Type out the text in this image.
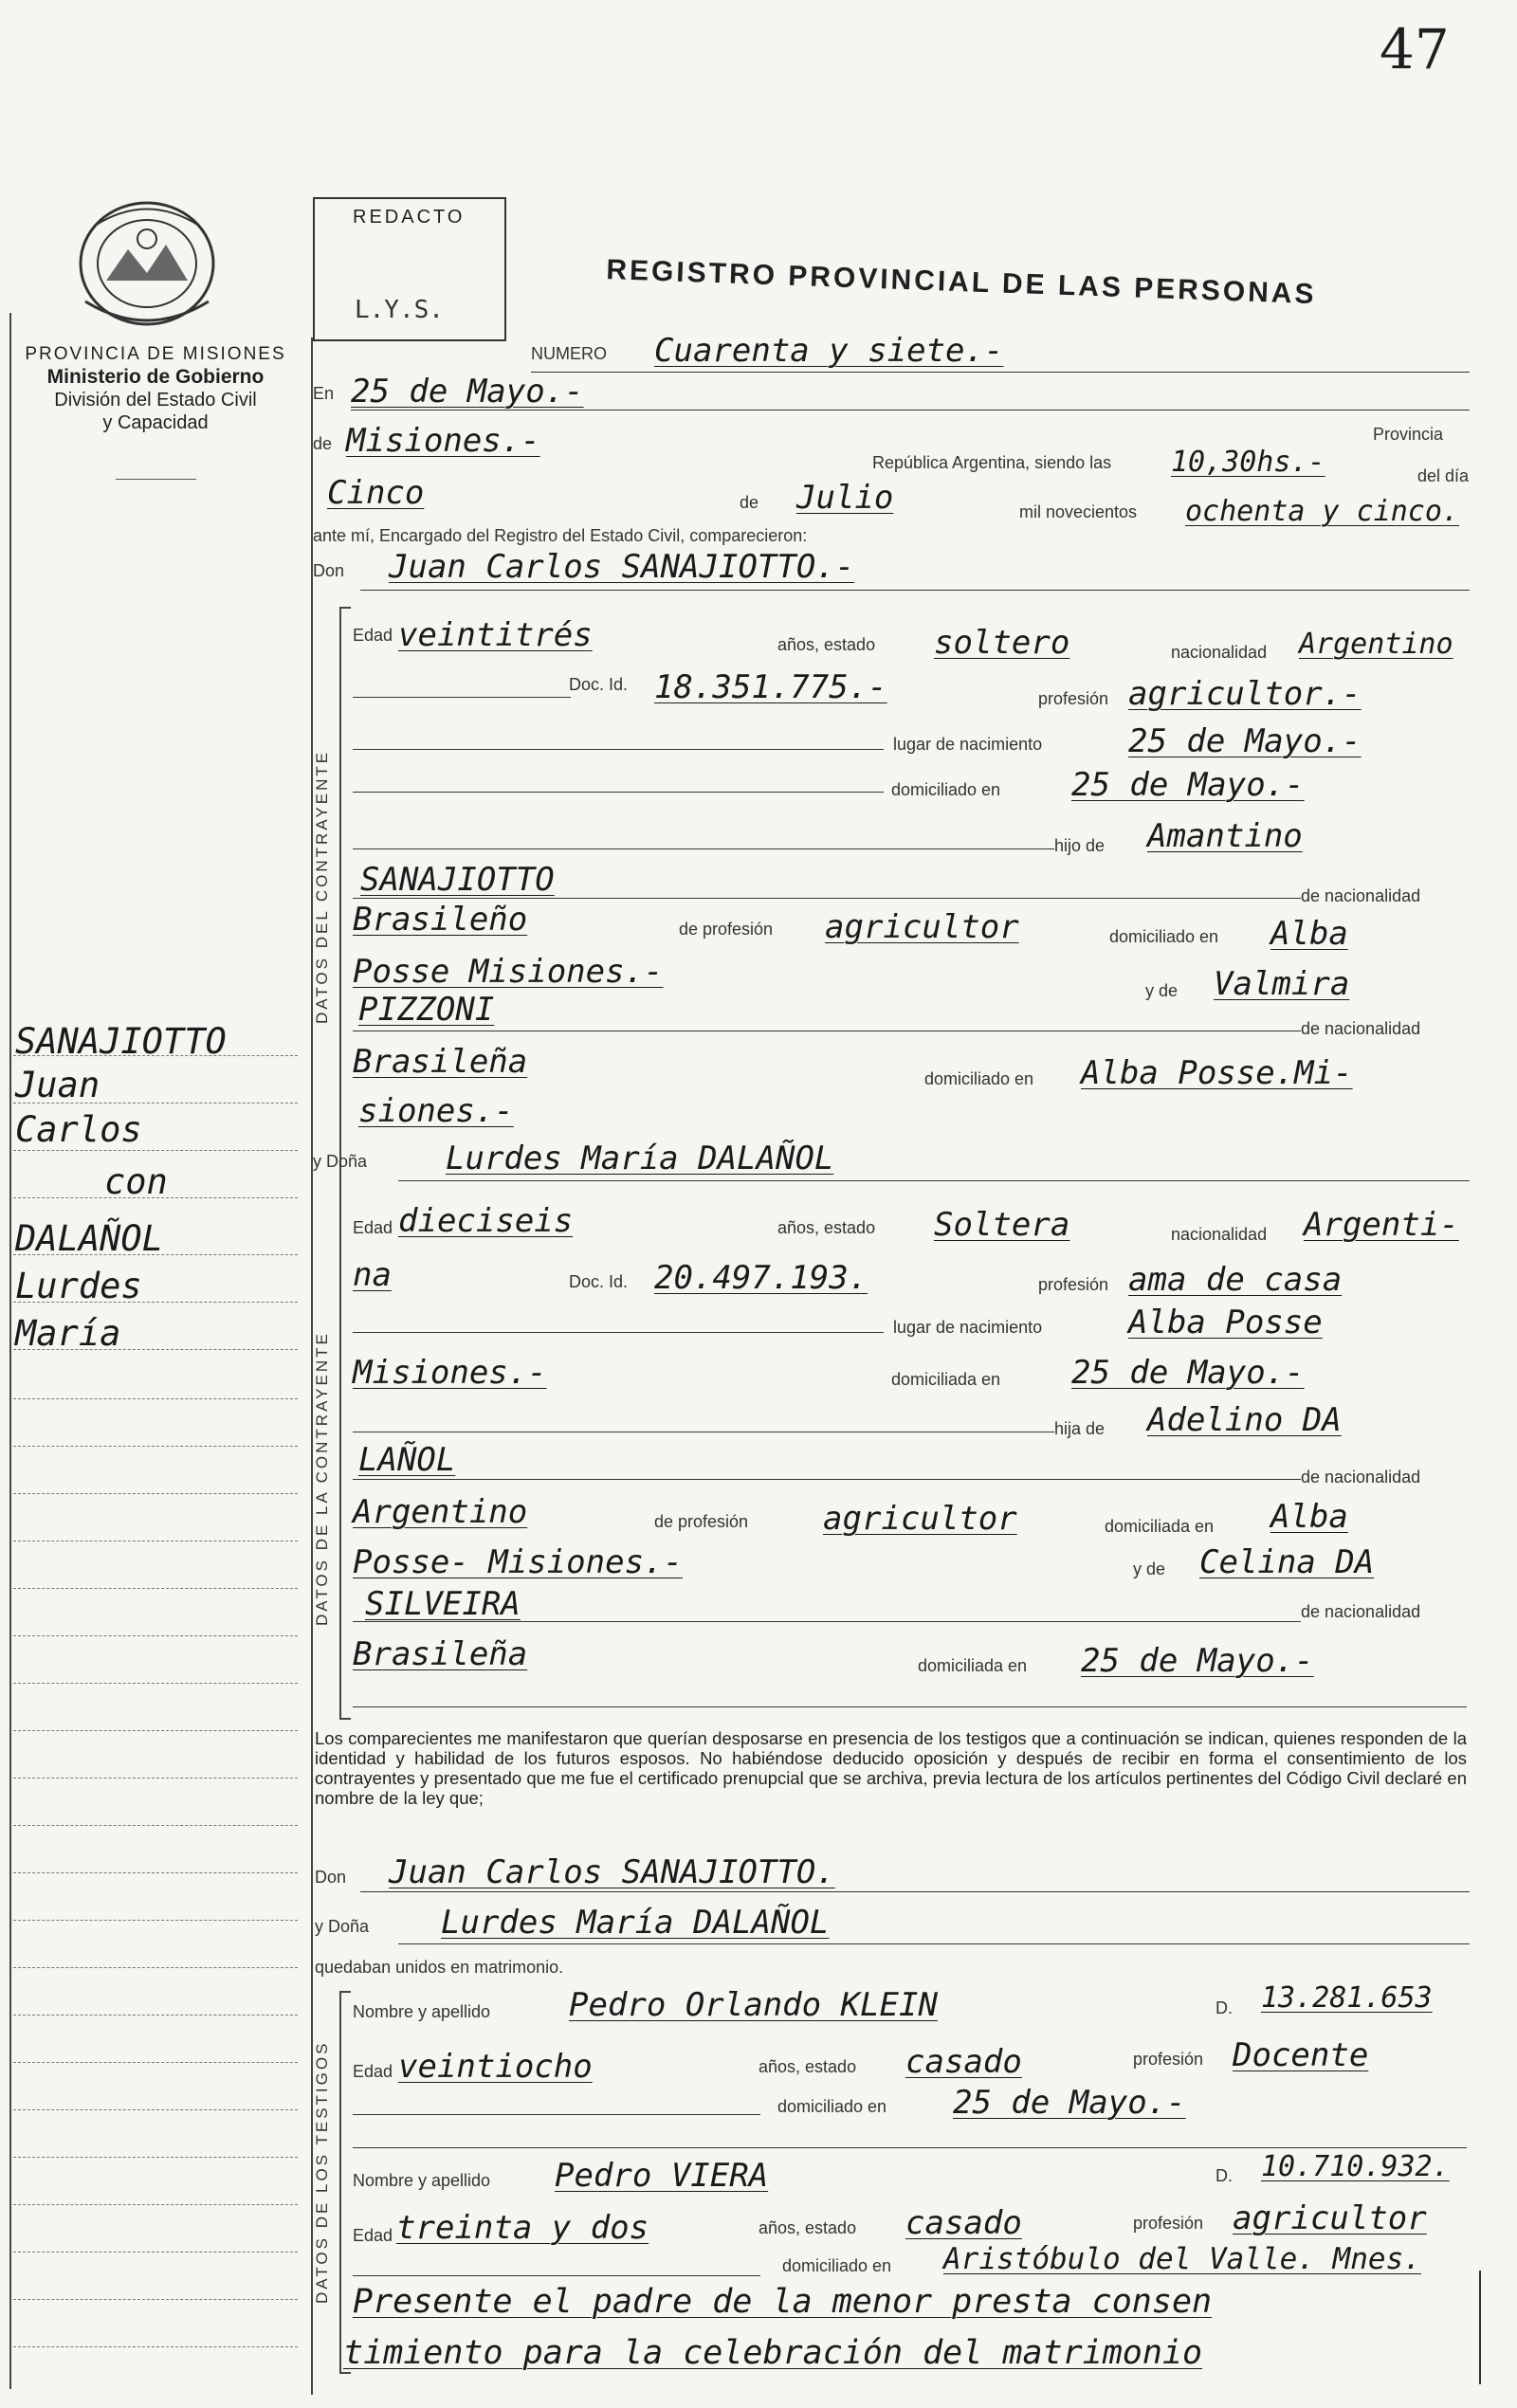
47
PROVINCIA DE MISIONES
Ministerio de Gobierno
División del Estado Civil
y Capacidad
REDACTO
L.Y.S.	REGISTRO PROVINCIAL DE LAS PERSONAS
SANAJIOTTO
Juan
Carlos
con
DALAÑOL
Lurdes
María
NUMERO Cuarenta y siete.-
En 25 de Mayo.-
Provincia
de Misiones.-
República Argentina, siendo las 10,30hs.-	del día
Cinco	de Julio	mil novecientos ochenta y cinco.
ante mí, Encargado del Registro del Estado Civil, comparecieron:
Don Juan Carlos SANAJIOTTO.-
DATOS DEL CONTRAYENTE
Edad veintitrés	años, estado soltero	nacionalidad Argentino
Doc. Id. 18.351.775.-	profesión agricultor.-
lugar de nacimiento	25 de Mayo.-
domiciliado en 25 de Mayo.-
hijo de Amantino
SANAJIOTTO	de nacionalidad
Brasileño	de profesión agricultor	domiciliado en Alba
Posse Misiones.-	y de Valmira
PIZZONI	de nacionalidad
Brasileña	domiciliado en Alba Posse.Mi-
siones.-
y Doña Lurdes María DALAÑOL
DATOS DE LA CONTRAYENTE
Edad dieciseis	años, estado Soltera	nacionalidad Argenti-
na	Doc. Id. 20.497.193.	profesión ama de casa
lugar de nacimiento	Alba Posse
Misiones.-	domiciliada en 25 de Mayo.-
hija de Adelino DA
LAÑOL	de nacionalidad
Argentino	de profesión agricultor	domiciliada en Alba
Posse- Misiones.-	y de Celina DA
SILVEIRA	de nacionalidad
Brasileña	domiciliada en 25 de Mayo.-
Los comparecientes me manifestaron que querían desposarse en presencia de los testigos que a continuación se indican, quienes responden de la identidad y habilidad de los futuros esposos. No habiéndose deducido oposición y después de recibir en forma el consentimiento de los contrayentes y presentado que me fue el certificado prenupcial que se archiva, previa lectura de los artículos pertinentes del Código Civil declaré en nombre de la ley que;
Don Juan Carlos SANAJIOTTO.
y Doña Lurdes María DALAÑOL
quedaban unidos en matrimonio.
DATOS DE LOS TESTIGOS
Nombre y apellido Pedro Orlando KLEIN	D. 13.281.653
Edad veintiocho	años, estado casado	profesión Docente
domiciliado en 25 de Mayo.-
Nombre y apellido Pedro VIERA	D. 10.710.932.
Edad treinta y dos	años, estado casado	profesión agricultor
domiciliado en Aristóbulo del Valle. Mnes.
Presente el padre de la menor presta consen
timiento para la celebración del matrimonio
